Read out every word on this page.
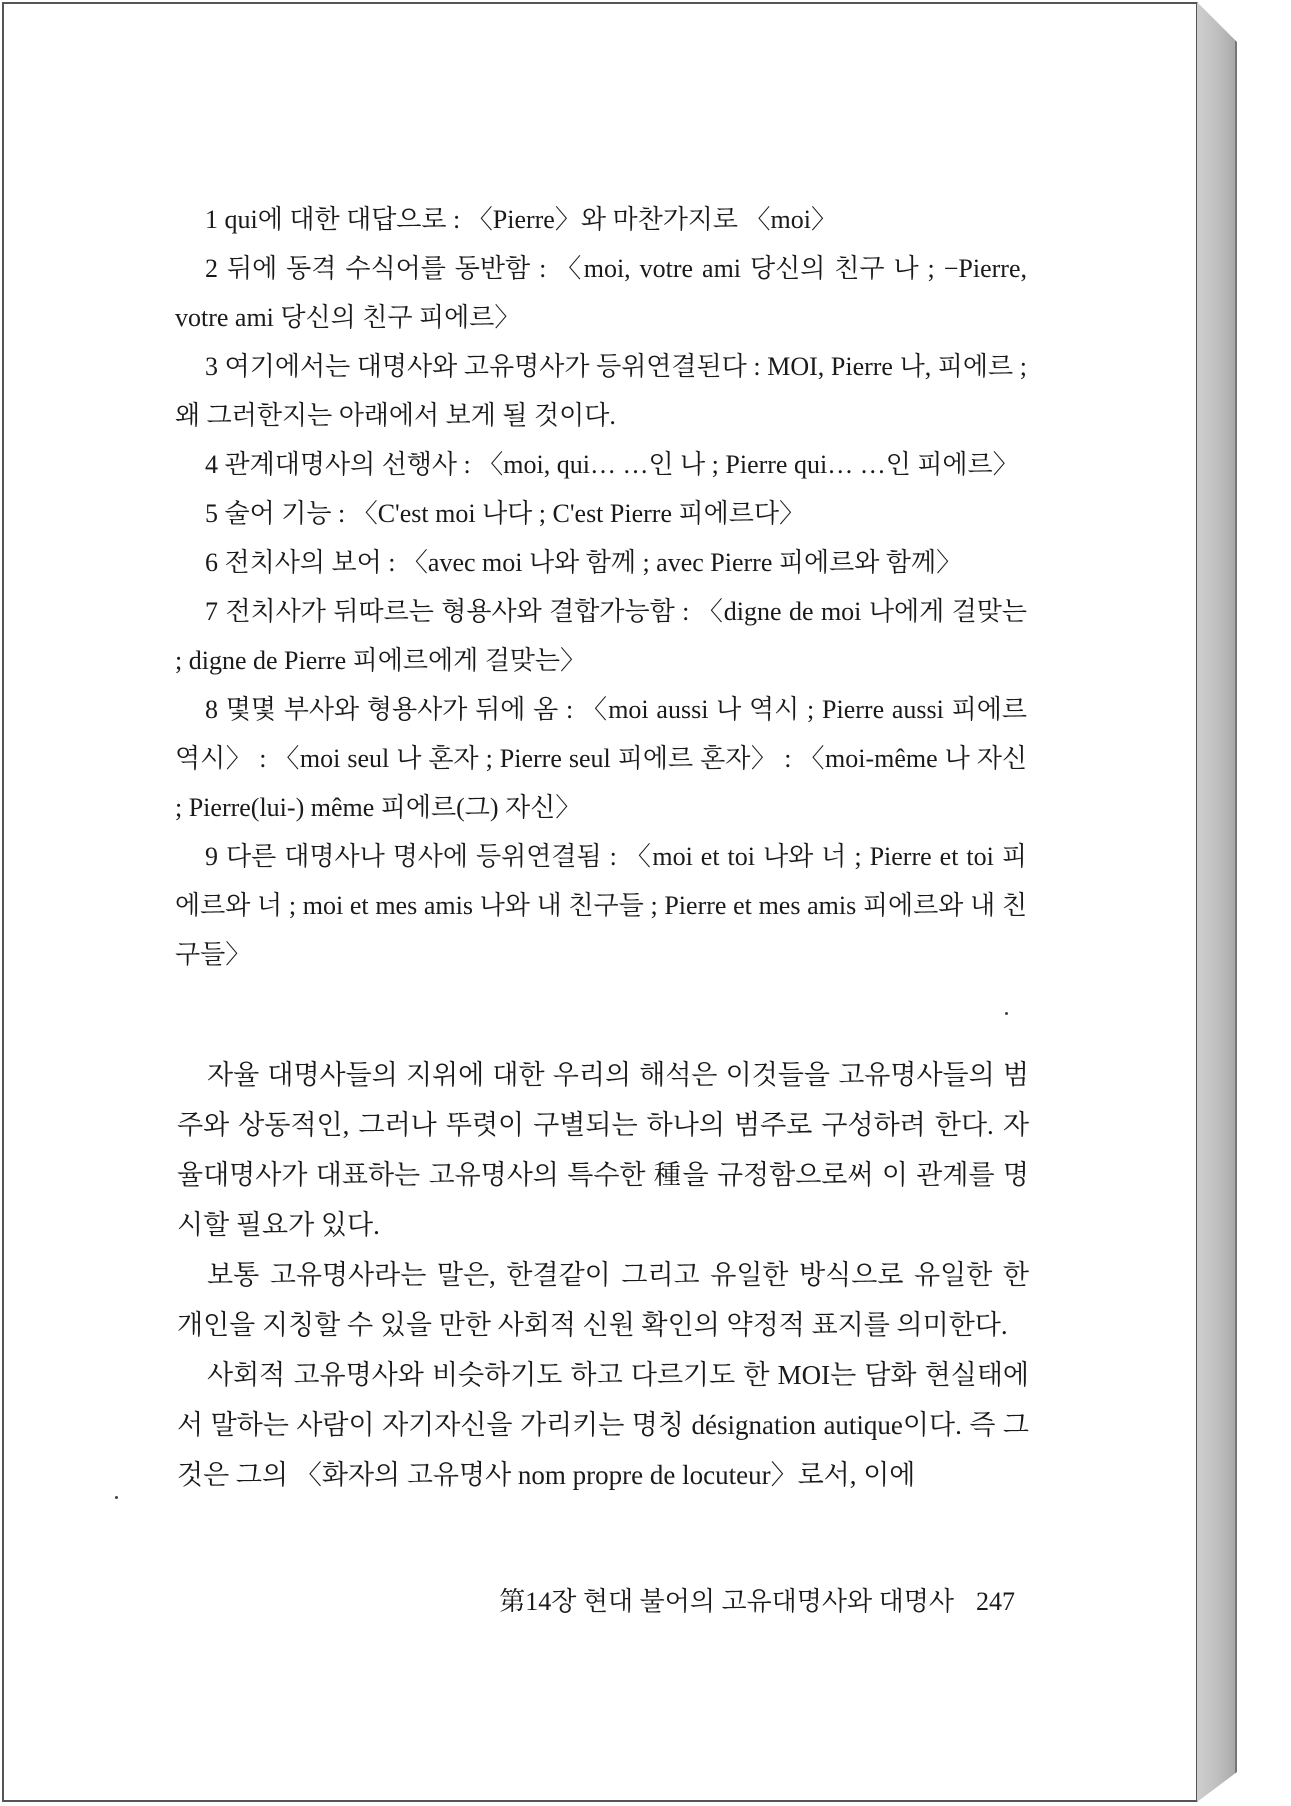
1 qui에 대한 대답으로 : 〈Pierre〉와 마찬가지로 〈moi〉

2 뒤에 동격 수식어를 동반함 : 〈moi, votre ami 당신의 친구 나 ; −Pierre, votre ami 당신의 친구 피에르〉

3 여기에서는 대명사와 고유명사가 등위연결된다 : MOI, Pierre 나, 피에르 ; 왜 그러한지는 아래에서 보게 될 것이다.

4 관계대명사의 선행사 : 〈moi, qui… …인 나 ; Pierre qui… …인 피에르〉

5 술어 기능 : 〈C'est moi 나다 ; C'est Pierre 피에르다〉

6 전치사의 보어 : 〈avec moi 나와 함께 ; avec Pierre 피에르와 함께〉

7 전치사가 뒤따르는 형용사와 결합가능함 : 〈digne de moi 나에게 걸맞는 ; digne de Pierre 피에르에게 걸맞는〉

8 몇몇 부사와 형용사가 뒤에 옴 : 〈moi aussi 나 역시 ; Pierre aussi 피에르 역시〉 : 〈moi seul 나 혼자 ; Pierre seul 피에르 혼자〉 : 〈moi-même 나 자신 ; Pierre(lui-) même 피에르(그) 자신〉

9 다른 대명사나 명사에 등위연결됨 : 〈moi et toi 나와 너 ; Pierre et toi 피에르와 너 ; moi et mes amis 나와 내 친구들 ; Pierre et mes amis 피에르와 내 친구들〉

자율 대명사들의 지위에 대한 우리의 해석은 이것들을 고유명사들의 범주와 상동적인, 그러나 뚜렷이 구별되는 하나의 범주로 구성하려 한다. 자율대명사가 대표하는 고유명사의 특수한 種을 규정함으로써 이 관계를 명시할 필요가 있다.

보통 고유명사라는 말은, 한결같이 그리고 유일한 방식으로 유일한 한 개인을 지칭할 수 있을 만한 사회적 신원 확인의 약정적 표지를 의미한다.

사회적 고유명사와 비슷하기도 하고 다르기도 한 MOI는 담화 현실태에서 말하는 사람이 자기자신을 가리키는 명칭 désignation autique이다. 즉 그것은 그의 〈화자의 고유명사 nom propre de locuteur〉로서, 이에

第14장 현대 불어의 고유대명사와 대명사 247
